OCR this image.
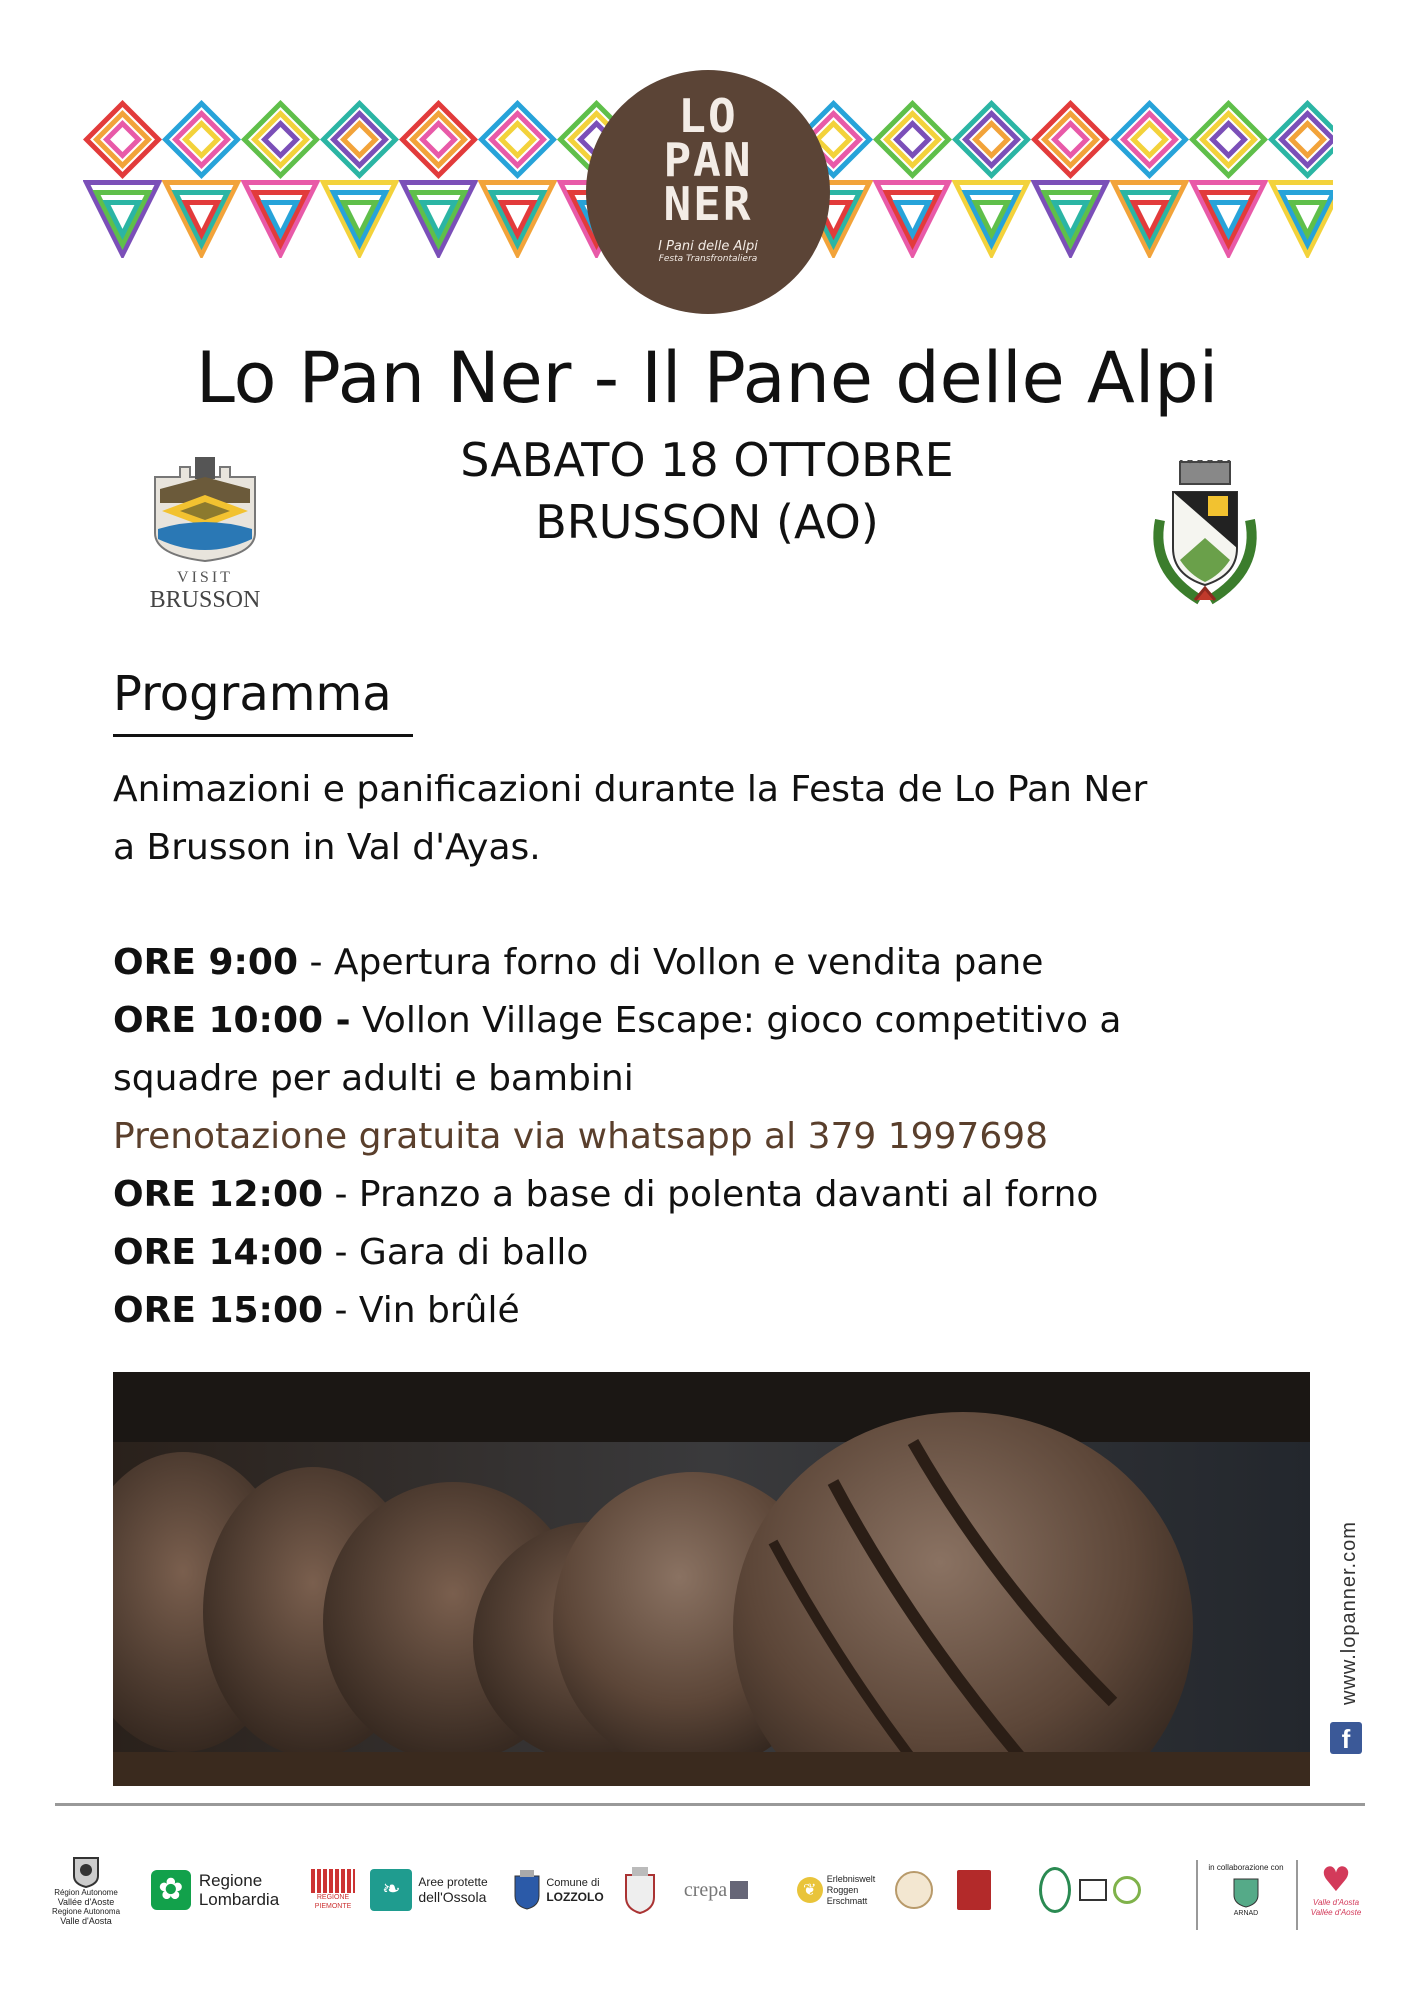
LO
PAN
NER
I Pani delle Alpi
Festa Transfrontaliera
Lo Pan Ner - Il Pane delle Alpi
SABATO 18 OTTOBRE
BRUSSON (AO)
VISIT
BRUSSON
Programma
Animazioni e panificazioni durante la Festa de Lo Pan Ner
a Brusson in Val d'Ayas.
ORE 9:00 - Apertura forno di Vollon e vendita pane
ORE 10:00 - Vollon Village Escape: gioco competitivo a
squadre per adulti e bambini
Prenotazione gratuita via whatsapp al 379 1997698
ORE 12:00 - Pranzo a base di polenta davanti al forno
ORE 14:00 - Gara di ballo
ORE 15:00 - Vin brûlé
www.lopanner.com
f
Région Autonome
Vallée d'Aoste
Regione Autonoma
Valle d'Aosta
✿ Regione
Lombardia	REGIONE PIEMONTE
❧	Aree protette
dell'Ossola
Comune di
LOZZOLO	crepa	❦
Erlebniswelt
Roggen
Erschmatt
in collaborazione con
ARNAD
♥
Valle d'Aosta
Vallée d'Aoste
